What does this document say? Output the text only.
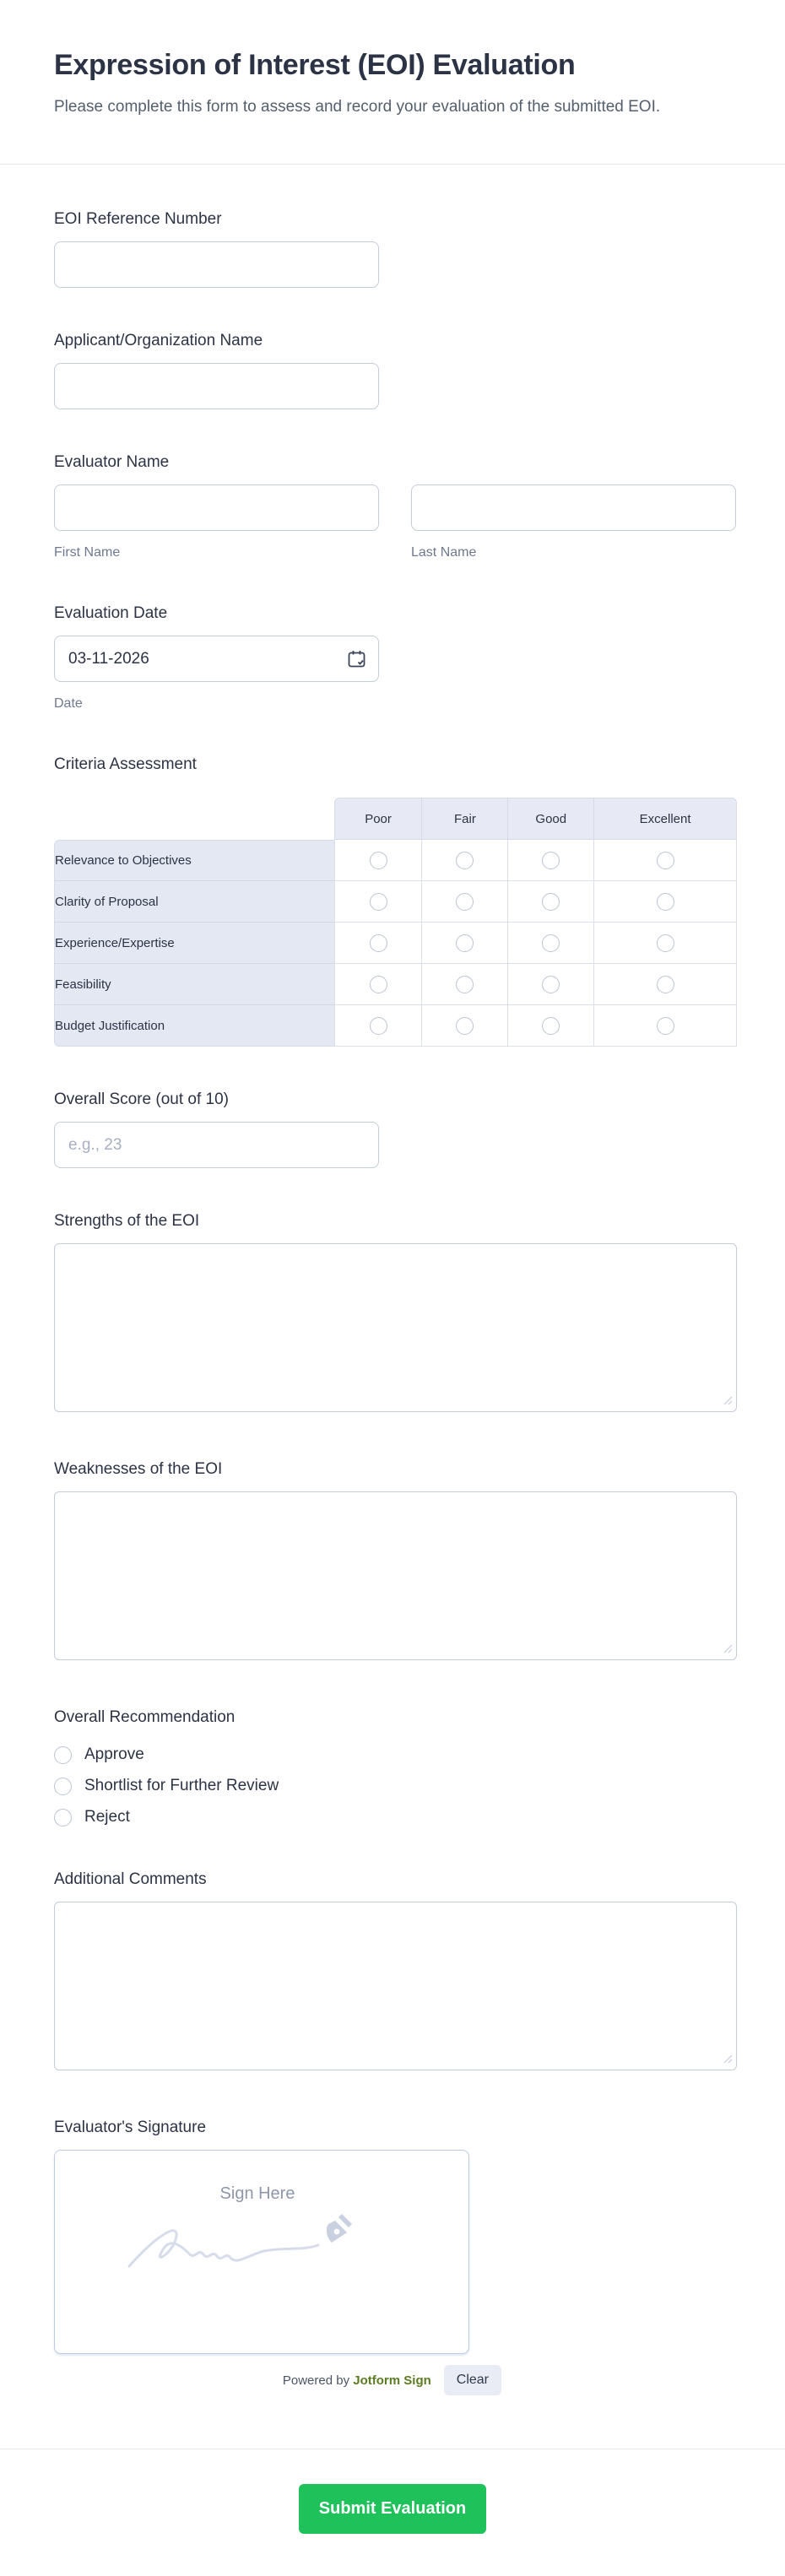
Expression of Interest (EOI) Evaluation
Please complete this form to assess and record your evaluation of the submitted EOI.
EOI Reference Number
Applicant/Organization Name
Evaluator Name
First Name	Last Name
Evaluation Date
03-11-2026
Date
Criteria Assessment
	Poor	Fair	Good	Excellent
Relevance to Objectives				
Clarity of Proposal				
Experience/Expertise				
Feasibility				
Budget Justification				
Overall Score (out of 10)
e.g., 23
Strengths of the EOI
Weaknesses of the EOI
Overall Recommendation
Approve
Shortlist for Further Review
Reject
Additional Comments
Evaluator's Signature
Sign Here
Powered by Jotform Sign	Clear
Submit Evaluation
